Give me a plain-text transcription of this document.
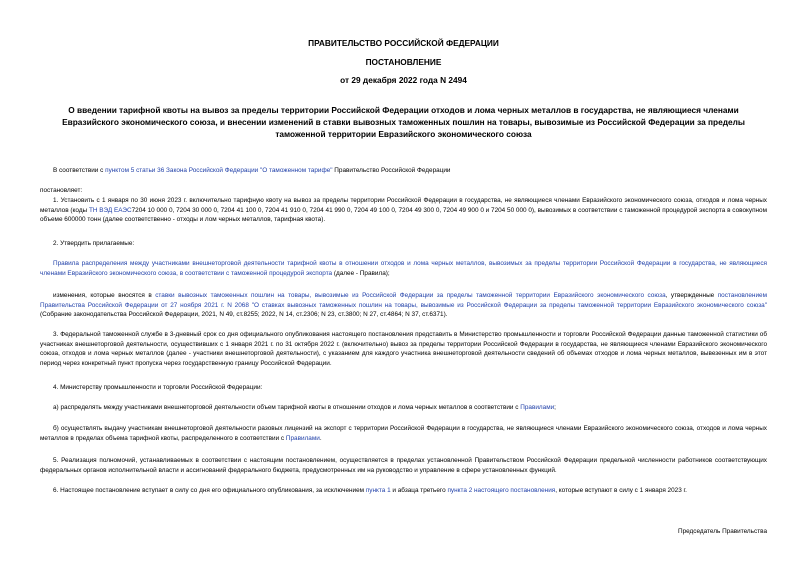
ПРАВИТЕЛЬСТВО РОССИЙСКОЙ ФЕДЕРАЦИИ
ПОСТАНОВЛЕНИЕ
от 29 декабря 2022 года N 2494
О введении тарифной квоты на вывоз за пределы территории Российской Федерации отходов и лома черных металлов в государства, не являющиеся членами Евразийского экономического союза, и внесении изменений в ставки вывозных таможенных пошлин на товары, вывозимые из Российской Федерации за пределы таможенной территории Евразийского экономического союза
В соответствии с пунктом 5 статьи 36 Закона Российской Федерации "О таможенном тарифе" Правительство Российской Федерации
постановляет:
1. Установить с 1 января по 30 июня 2023 г. включительно тарифную квоту на вывоз за пределы территории Российской Федерации в государства, не являющиеся членами Евразийского экономического союза, отходов и лома черных металлов (коды ТН ВЭД ЕАЭС7204 10 000 0, 7204 30 000 0, 7204 41 100 0, 7204 41 910 0, 7204 41 990 0, 7204 49 100 0, 7204 49 300 0, 7204 49 900 0 и 7204 50 000 0), вывозимых в соответствии с таможенной процедурой экспорта в совокупном объеме 600000 тонн (далее соответственно - отходы и лом черных металлов, тарифная квота).
2. Утвердить прилагаемые:
Правила распределения между участниками внешнеторговой деятельности тарифной квоты в отношении отходов и лома черных металлов, вывозимых за пределы территории Российской Федерации в государства, не являющиеся членами Евразийского экономического союза, в соответствии с таможенной процедурой экспорта (далее - Правила);
изменения, которые вносятся в ставки вывозных таможенных пошлин на товары, вывозимые из Российской Федерации за пределы таможенной территории Евразийского экономического союза, утвержденные постановлением Правительства Российской Федерации от 27 ноября 2021 г. N 2068 "О ставках вывозных таможенных пошлин на товары, вывозимые из Российской Федерации за пределы таможенной территории Евразийского экономического союза" (Собрание законодательства Российской Федерации, 2021, N 49, ст.8255; 2022, N 14, ст.2306; N 23, ст.3800; N 27, ст.4864; N 37, ст.6371).
3. Федеральной таможенной службе в 3-дневный срок со дня официального опубликования настоящего постановления представить в Министерство промышленности и торговли Российской Федерации данные таможенной статистики об участниках внешнеторговой деятельности, осуществивших с 1 января 2021 г. по 31 октября 2022 г. (включительно) вывоз за пределы территории Российской Федерации в государства, не являющиеся членами Евразийского экономического союза, отходов и лома черных металлов (далее - участники внешнеторговой деятельности), с указанием для каждого участника внешнеторговой деятельности сведений об объемах отходов и лома черных металлов, вывезенных им в этот период через конкретный пункт пропуска через государственную границу Российской Федерации.
4. Министерству промышленности и торговли Российской Федерации:
а) распределять между участниками внешнеторговой деятельности объем тарифной квоты в отношении отходов и лома черных металлов в соответствии с Правилами;
б) осуществлять выдачу участникам внешнеторговой деятельности разовых лицензий на экспорт с территории Российской Федерации в государства, не являющиеся членами Евразийского экономического союза, отходов и лома черных металлов в пределах объема тарифной квоты, распределенного в соответствии с Правилами.
5. Реализация полномочий, устанавливаемых в соответствии с настоящим постановлением, осуществляется в пределах установленной Правительством Российской Федерации предельной численности работников соответствующих федеральных органов исполнительной власти и ассигнований федерального бюджета, предусмотренных им на руководство и управление в сфере установленных функций.
6. Настоящее постановление вступает в силу со дня его официального опубликования, за исключением пункта 1 и абзаца третьего пункта 2 настоящего постановления, которые вступают в силу с 1 января 2023 г.
Председатель Правительства
